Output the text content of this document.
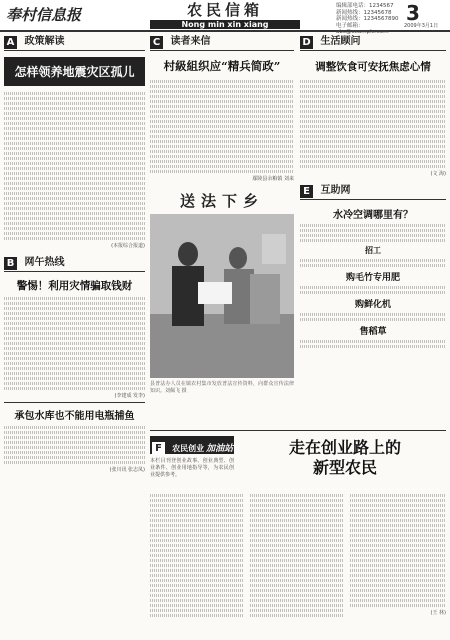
奉村信息报	农民信箱
Nong min xin xiang
编辑部电话：1234567
新闻热线：12345678
新闻热线：1234567890
电子邮箱：abc@example.com
3
2009年3月1日
A 政策解读
怎样领养地震灾区孤儿
(本报综合报道)
B 网午热线
警惕！利用灾情骗取钱财
(李建成 发李)
承包水库也不能用电瓶捕鱼
(张川讯 张志凤)
C 读者来信
村級組织应“精兵简政”
鄢陵县余粮镇 刘来
送法下乡
县普法办人员在镇农村集市发放普法宣传资料，向群众宣传法律知识。刘佩飞 摄
D 生活顾问
调整饮食可安抚焦虑心情
(文 海)
E 互助网
水冷空调哪里有？
招工
购毛竹专用肥
购鲜化机
售稻草
F 农民创业 加油站
本栏目刊登创业故事、创业典型、创业条件、创业用地指导等，为农民创业提供参考。
走在创业路上的
新型农民
(王 林)
